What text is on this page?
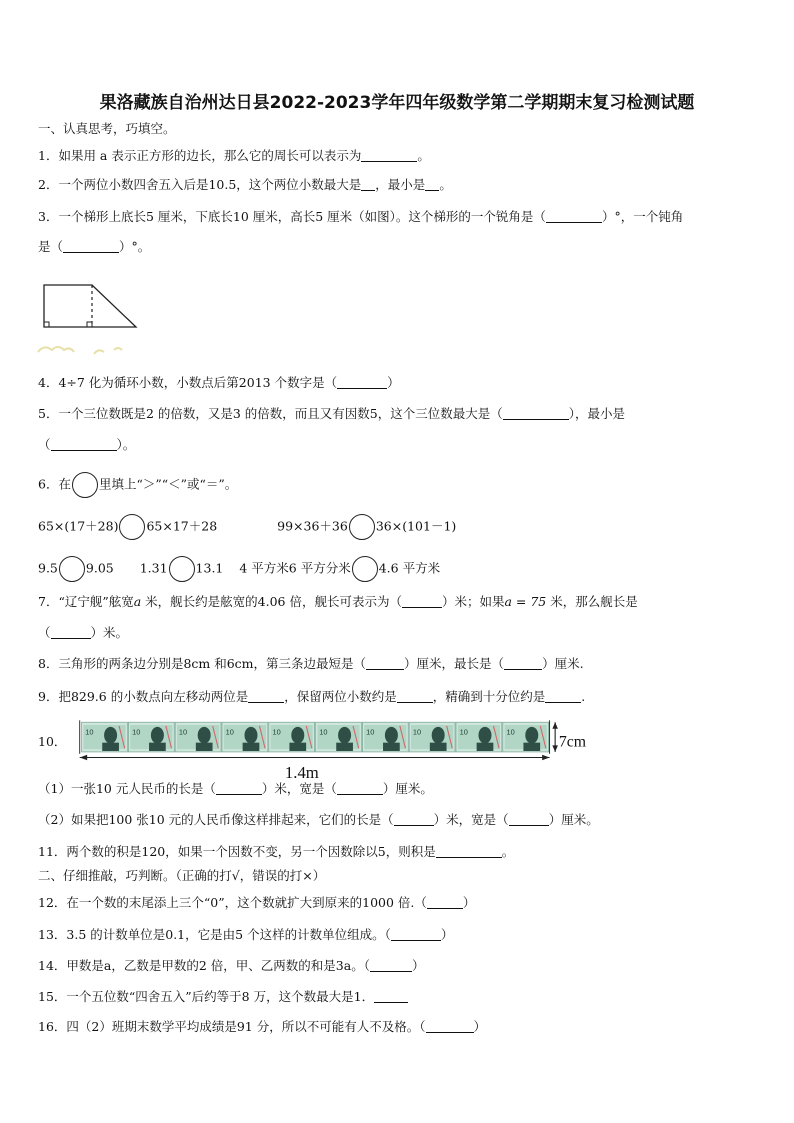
果洛藏族自治州达日县2022-2023学年四年级数学第二学期期末复习检测试题
一、认真思考，巧填空。
1．如果用 a 表示正方形的边长，那么它的周长可以表示为	。
2．一个两位小数四舍五入后是10.5，这个两位小数最大是 ，最小是 。
3．一个梯形上底长5 厘米，下底长10 厘米，高长5 厘米（如图）。这个梯形的一个锐角是（	）°，一个钝角
是（	）°。
4．4÷7 化为循环小数，小数点后第2013 个数字是（	）
5．一个三位数既是2 的倍数，又是3 的倍数，而且又有因数5，这个三位数最大是（	），最小是
（	）。
6．在 里填上“＞”“＜”或“＝”。
65×(17＋28) 65×17＋28	99×36＋36 36×(101－1)
9.5 9.05 1.31 13.1 4 平方米6 平方分米 4.6 平方米
7．“辽宁舰”舷宽a 米，舰长约是舷宽的4.06 倍，舰长可表示为（	）米；如果a = 75 米，那么舰长是
（	）米。
8．三角形的两条边分别是8cm 和6cm，第三条边最短是（	）厘米，最长是（	）厘米.
9．把829.6 的小数点向左移动两位是	，保留两位小数约是	，精确到十分位约是	.
10．
10	10	10	10	10	10	10	10	10	10
7cm
1.4m
（1）一张10 元人民币的长是（	）米，宽是（	）厘米。
（2）如果把100 张10 元的人民币像这样排起来，它们的长是（	）米，宽是（	）厘米。
11．两个数的积是120，如果一个因数不变，另一个因数除以5，则积是	。
二、仔细推敲，巧判断。（正确的打√，错误的打×）
12．在一个数的末尾添上三个“0”，这个数就扩大到原来的1000 倍.（	）
13．3.5 的计数单位是0.1，它是由5 个这样的计数单位组成。（	）
14．甲数是a，乙数是甲数的2 倍，甲、乙两数的和是3a。（	）
15．一个五位数“四舍五入”后约等于8 万，这个数最大是1．
16．四（2）班期末数学平均成绩是91 分，所以不可能有人不及格。（	）
